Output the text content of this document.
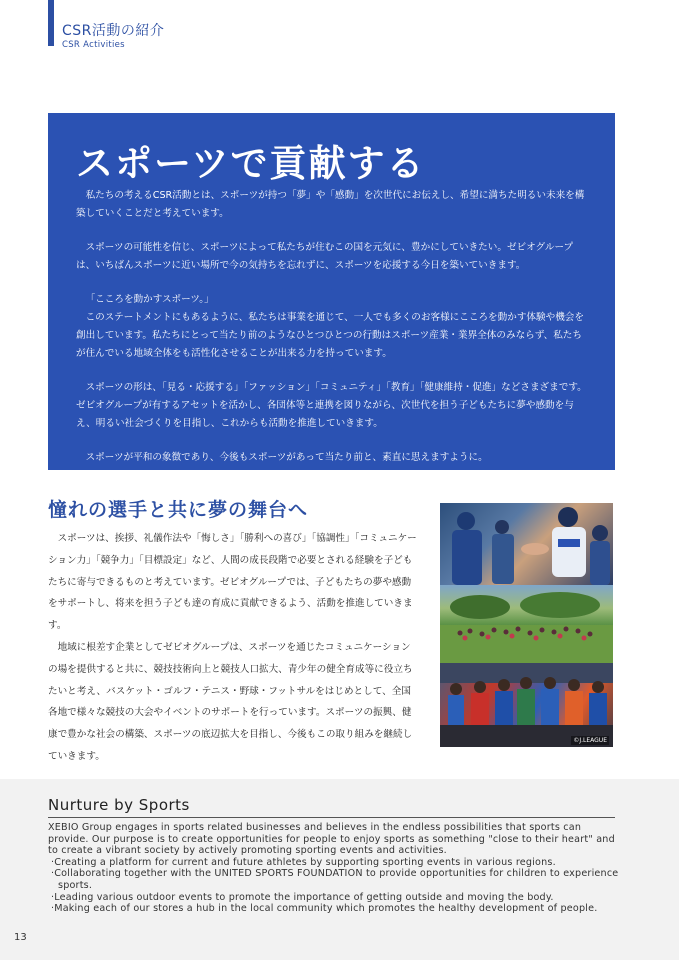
CSR活動の紹介
CSR Activities
スポーツで貢献する

私たちの考えるCSR活動とは、スポーツが持つ「夢」や「感動」を次世代にお伝えし、希望に満ちた明るい未来を構築していくことだと考えています。

スポーツの可能性を信じ、スポーツによって私たちが住むこの国を元気に、豊かにしていきたい。ゼビオグループは、いちばんスポーツに近い場所で今の気持ちを忘れずに、スポーツを応援する今日を築いていきます。

「こころを動かすスポーツ。」
このステートメントにもあるように、私たちは事業を通じて、一人でも多くのお客様にこころを動かす体験や機会を創出しています。私たちにとって当たり前のようなひとつひとつの行動はスポーツ産業・業界全体のみならず、私たちが住んでいる地域全体をも活性化させることが出来る力を持っています。

スポーツの形は、「見る・応援する」「ファッション」「コミュニティ」「教育」「健康維持・促進」などさまざまです。ゼビオグループが有するアセットを活かし、各団体等と連携を図りながら、次世代を担う子どもたちに夢や感動を与え、明るい社会づくりを目指し、これからも活動を推進していきます。

スポーツが平和の象徴であり、今後もスポーツがあって当たり前と、素直に思えますように。

憧れの選手と共に夢の舞台へ

スポーツは、挨拶、礼儀作法や「悔しさ」「勝利への喜び」「協調性」「コミュニケーション力」「競争力」「目標設定」など、人間の成長段階で必要とされる経験を子どもたちに寄与できるものと考えています。ゼビオグループでは、子どもたちの夢や感動をサポートし、将来を担う子ども達の育成に貢献できるよう、活動を推進していきます。

地域に根差す企業としてゼビオグループは、スポーツを通じたコミュニケーションの場を提供すると共に、競技技術向上と競技人口拡大、青少年の健全育成等に役立ちたいと考え、バスケット・ゴルフ・テニス・野球・フットサルをはじめとして、全国各地で様々な競技の大会やイベントのサポートを行っています。スポーツの振興、健康で豊かな社会の構築、スポーツの底辺拡大を目指し、今後もこの取り組みを継続していきます。

©J.LEAGUE
Nurture by Sports

XEBIO Group engages in sports related businesses and believes in the endless possibilities that sports can provide. Our purpose is to create opportunities for people to enjoy sports as something "close to their heart" and to create a vibrant society by actively promoting sporting events and activities.

·Creating a platform for current and future athletes by supporting sporting events in various regions.
·Collaborating together with the UNITED SPORTS FOUNDATION to provide opportunities for children to experience sports.
·Leading various outdoor events to promote the importance of getting outside and moving the body.
·Making each of our stores a hub in the local community which promotes the healthy development of people.
13
